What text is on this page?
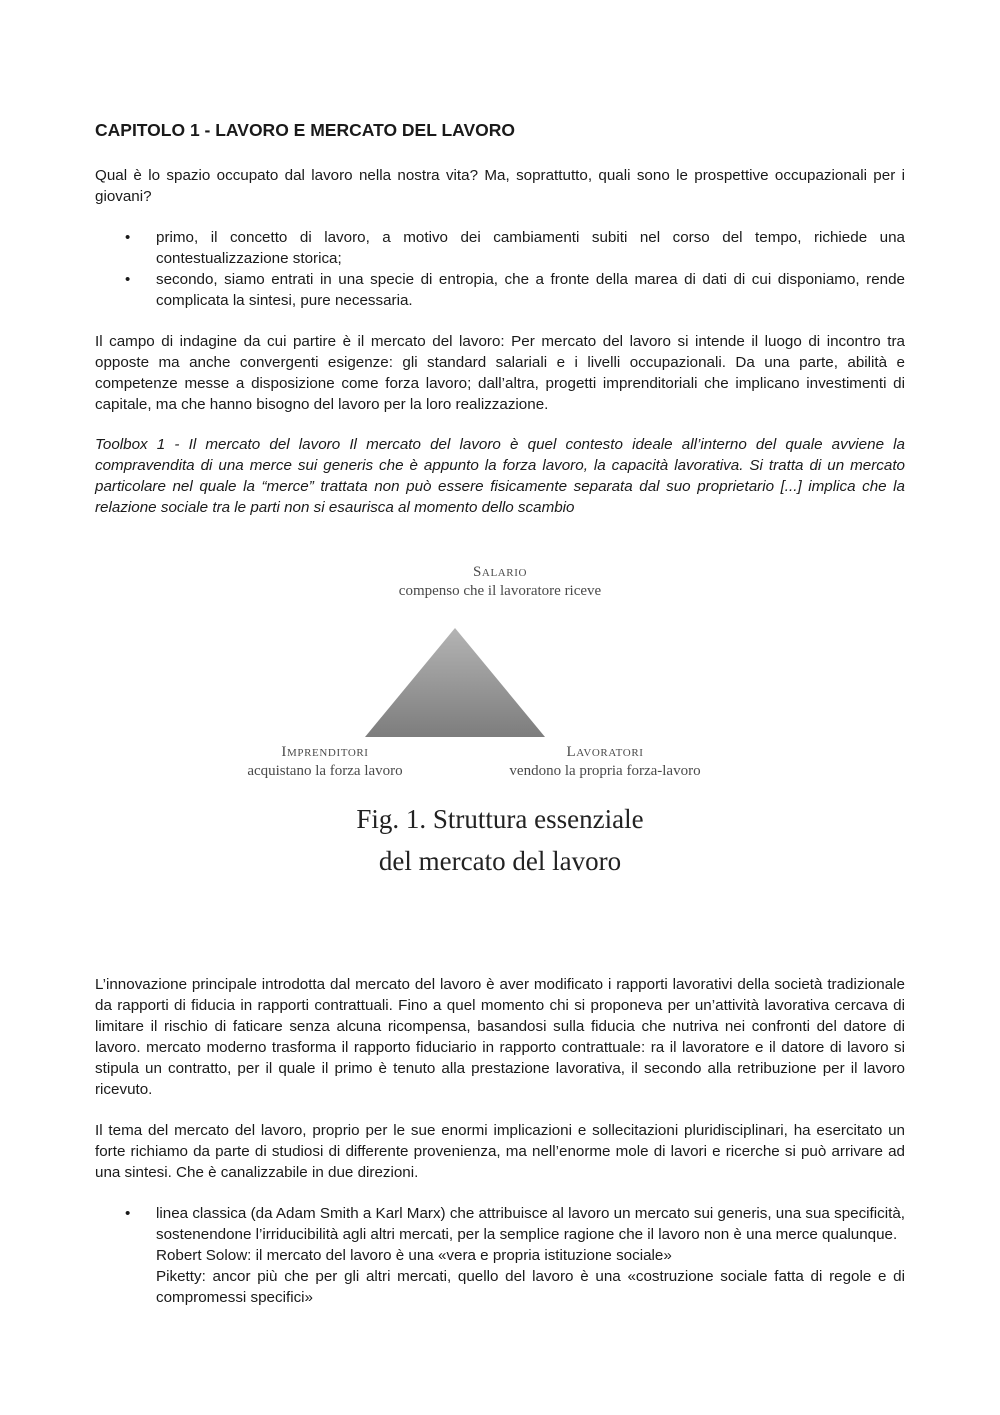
CAPITOLO 1 - LAVORO E MERCATO DEL LAVORO

Qual è lo spazio occupato dal lavoro nella nostra vita? Ma, soprattutto, quali sono le prospettive occupazionali per i giovani?

• primo, il concetto di lavoro, a motivo dei cambiamenti subiti nel corso del tempo, richiede una contestualizzazione storica;
• secondo, siamo entrati in una specie di entropia, che a fronte della marea di dati di cui disponiamo, rende complicata la sintesi, pure necessaria.

Il campo di indagine da cui partire è il mercato del lavoro: Per mercato del lavoro si intende il luogo di incontro tra opposte ma anche convergenti esigenze: gli standard salariali e i livelli occupazionali. Da una parte, abilità e competenze messe a disposizione come forza lavoro; dall’altra, progetti imprenditoriali che implicano investimenti di capitale, ma che hanno bisogno del lavoro per la loro realizzazione.

Toolbox 1 - Il mercato del lavoro Il mercato del lavoro è quel contesto ideale all’interno del quale avviene la compravendita di una merce sui generis che è appunto la forza lavoro, la capacità lavorativa. Si tratta di un mercato particolare nel quale la “merce” trattata non può essere fisicamente separata dal suo proprietario [...] implica che la relazione sociale tra le parti non si esaurisca al momento dello scambio

Salario
compenso che il lavoratore riceve
Imprenditori
acquistano la forza lavoro
Lavoratori
vendono la propria forza-lavoro
Fig. 1. Struttura essenziale
del mercato del lavoro

L’innovazione principale introdotta dal mercato del lavoro è aver modificato i rapporti lavorativi della società tradizionale da rapporti di fiducia in rapporti contrattuali. Fino a quel momento chi si proponeva per un’attività lavorativa cercava di limitare il rischio di faticare senza alcuna ricompensa, basandosi sulla fiducia che nutriva nei confronti del datore di lavoro. mercato moderno trasforma il rapporto fiduciario in rapporto contrattuale: ra il lavoratore e il datore di lavoro si stipula un contratto, per il quale il primo è tenuto alla prestazione lavorativa, il secondo alla retribuzione per il lavoro ricevuto.

Il tema del mercato del lavoro, proprio per le sue enormi implicazioni e sollecitazioni pluridisciplinari, ha esercitato un forte richiamo da parte di studiosi di differente provenienza, ma nell’enorme mole di lavori e ricerche si può arrivare ad una sintesi. Che è canalizzabile in due direzioni.

• linea classica (da Adam Smith a Karl Marx) che attribuisce al lavoro un mercato sui generis, una sua specificità, sostenendone l’irriducibilità agli altri mercati, per la semplice ragione che il lavoro non è una merce qualunque.
Robert Solow: il mercato del lavoro è una «vera e propria istituzione sociale»
Piketty: ancor più che per gli altri mercati, quello del lavoro è una «costruzione sociale fatta di regole e di compromessi specifici»
